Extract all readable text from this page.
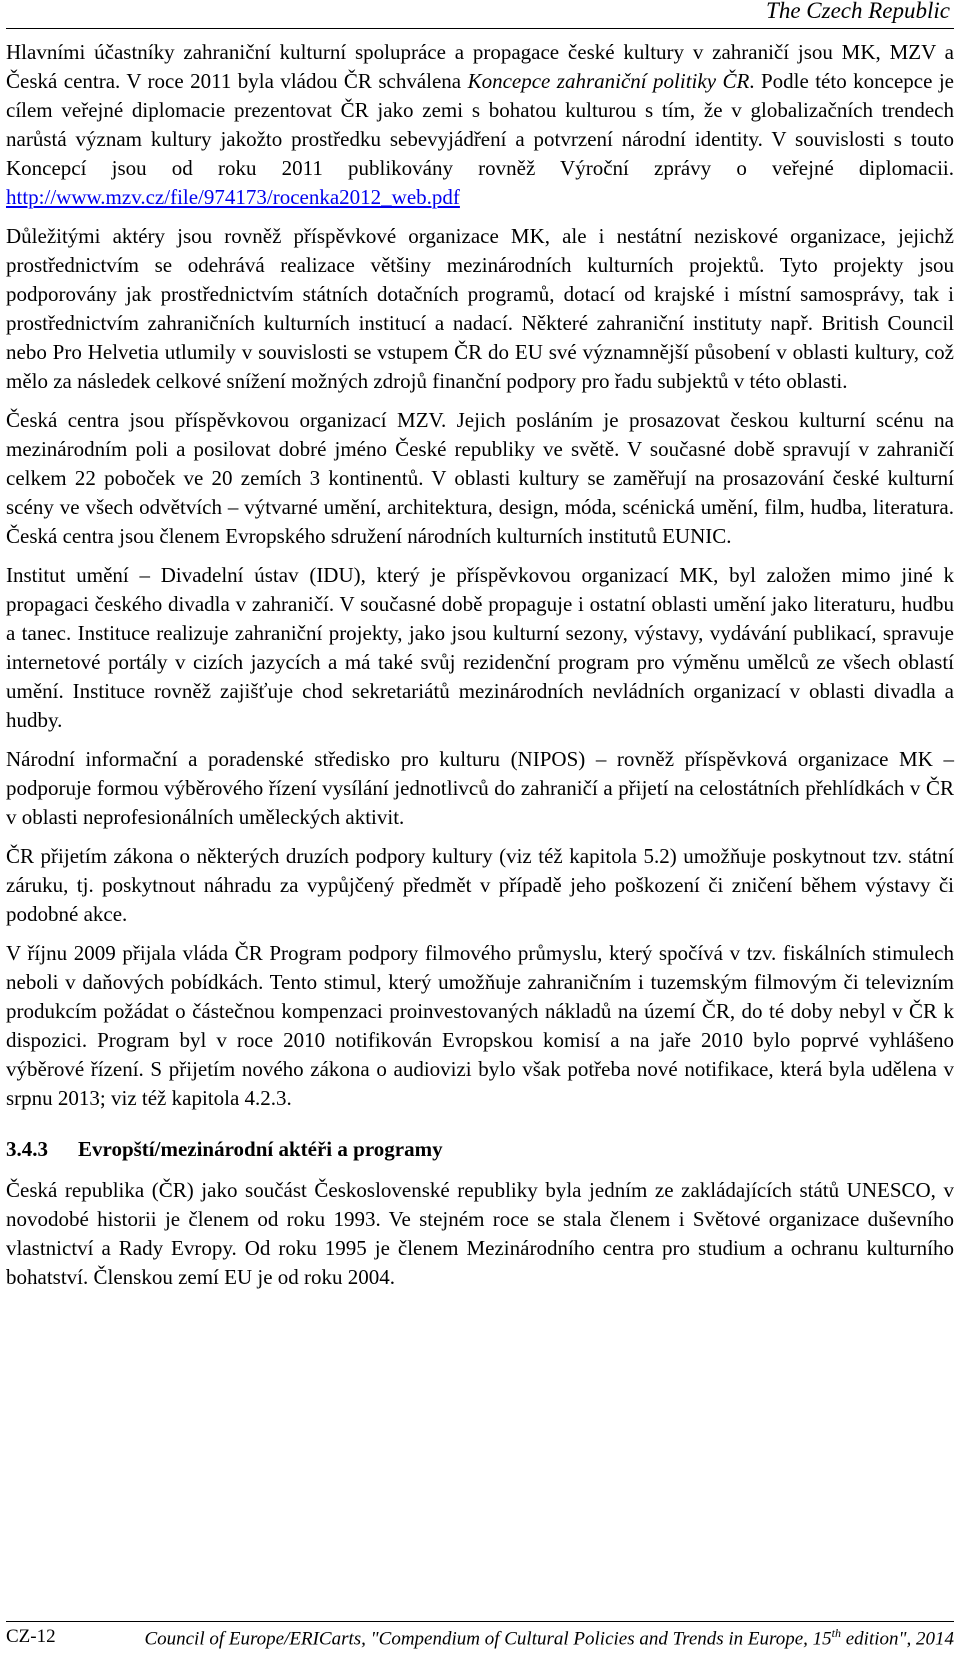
The Czech Republic

Hlavními účastníky zahraniční kulturní spolupráce a propagace české kultury v zahraničí jsou MK, MZV a Česká centra. V roce 2011 byla vládou ČR schválena Koncepce zahraniční politiky ČR. Podle této koncepce je cílem veřejné diplomacie prezentovat ČR jako zemi s bohatou kulturou s tím, že v globalizačních trendech narůstá význam kultury jakožto prostředku sebevyjádření a potvrzení národní identity. V souvislosti s touto Koncepcí jsou od roku 2011 publikovány rovněž Výroční zprávy o veřejné diplomacii. http://www.mzv.cz/file/974173/rocenka2012_web.pdf

Důležitými aktéry jsou rovněž příspěvkové organizace MK, ale i nestátní neziskové organizace, jejichž prostřednictvím se odehrává realizace většiny mezinárodních kulturních projektů. Tyto projekty jsou podporovány jak prostřednictvím státních dotačních programů, dotací od krajské i místní samosprávy, tak i prostřednictvím zahraničních kulturních institucí a nadací. Některé zahraniční instituty např. British Council nebo Pro Helvetia utlumily v souvislosti se vstupem ČR do EU své významnější působení v oblasti kultury, což mělo za následek celkové snížení možných zdrojů finanční podpory pro řadu subjektů v této oblasti.

Česká centra jsou příspěvkovou organizací MZV. Jejich posláním je prosazovat českou kulturní scénu na mezinárodním poli a posilovat dobré jméno České republiky ve světě. V současné době spravují v zahraničí celkem 22 poboček ve 20 zemích 3 kontinentů. V oblasti kultury se zaměřují na prosazování české kulturní scény ve všech odvětvích – výtvarné umění, architektura, design, móda, scénická umění, film, hudba, literatura. Česká centra jsou členem Evropského sdružení národních kulturních institutů EUNIC.

Institut umění – Divadelní ústav (IDU), který je příspěvkovou organizací MK, byl založen mimo jiné k propagaci českého divadla v zahraničí. V současné době propaguje i ostatní oblasti umění jako literaturu, hudbu a tanec. Instituce realizuje zahraniční projekty, jako jsou kulturní sezony, výstavy, vydávání publikací, spravuje internetové portály v cizích jazycích a má také svůj rezidenční program pro výměnu umělců ze všech oblastí umění. Instituce rovněž zajišťuje chod sekretariátů mezinárodních nevládních organizací v oblasti divadla a hudby.

Národní informační a poradenské středisko pro kulturu (NIPOS) – rovněž příspěvková organizace MK – podporuje formou výběrového řízení vysílání jednotlivců do zahraničí a přijetí na celostátních přehlídkách v ČR v oblasti neprofesionálních uměleckých aktivit.

ČR přijetím zákona o některých druzích podpory kultury (viz též kapitola 5.2) umožňuje poskytnout tzv. státní záruku, tj. poskytnout náhradu za vypůjčený předmět v případě jeho poškození či zničení během výstavy či podobné akce.

V říjnu 2009 přijala vláda ČR Program podpory filmového průmyslu, který spočívá v tzv. fiskálních stimulech neboli v daňových pobídkách. Tento stimul, který umožňuje zahraničním i tuzemským filmovým či televizním produkcím požádat o částečnou kompenzaci proinvestovaných nákladů na území ČR, do té doby nebyl v ČR k dispozici. Program byl v roce 2010 notifikován Evropskou komisí a na jaře 2010 bylo poprvé vyhlášeno výběrové řízení. S přijetím nového zákona o audiovizi bylo však potřeba nové notifikace, která byla udělena v srpnu 2013; viz též kapitola 4.2.3.

3.4.3	Evropští/mezinárodní aktéři a programy

Česká republika (ČR) jako součást Československé republiky byla jedním ze zakládajících států UNESCO, v novodobé historii je členem od roku 1993. Ve stejném roce se stala členem i Světové organizace duševního vlastnictví a Rady Evropy. Od roku 1995 je členem Mezinárodního centra pro studium a ochranu kulturního bohatství. Členskou zemí EU je od roku 2004.

CZ-12	Council of Europe/ERICarts, "Compendium of Cultural Policies and Trends in Europe, 15th edition", 2014
